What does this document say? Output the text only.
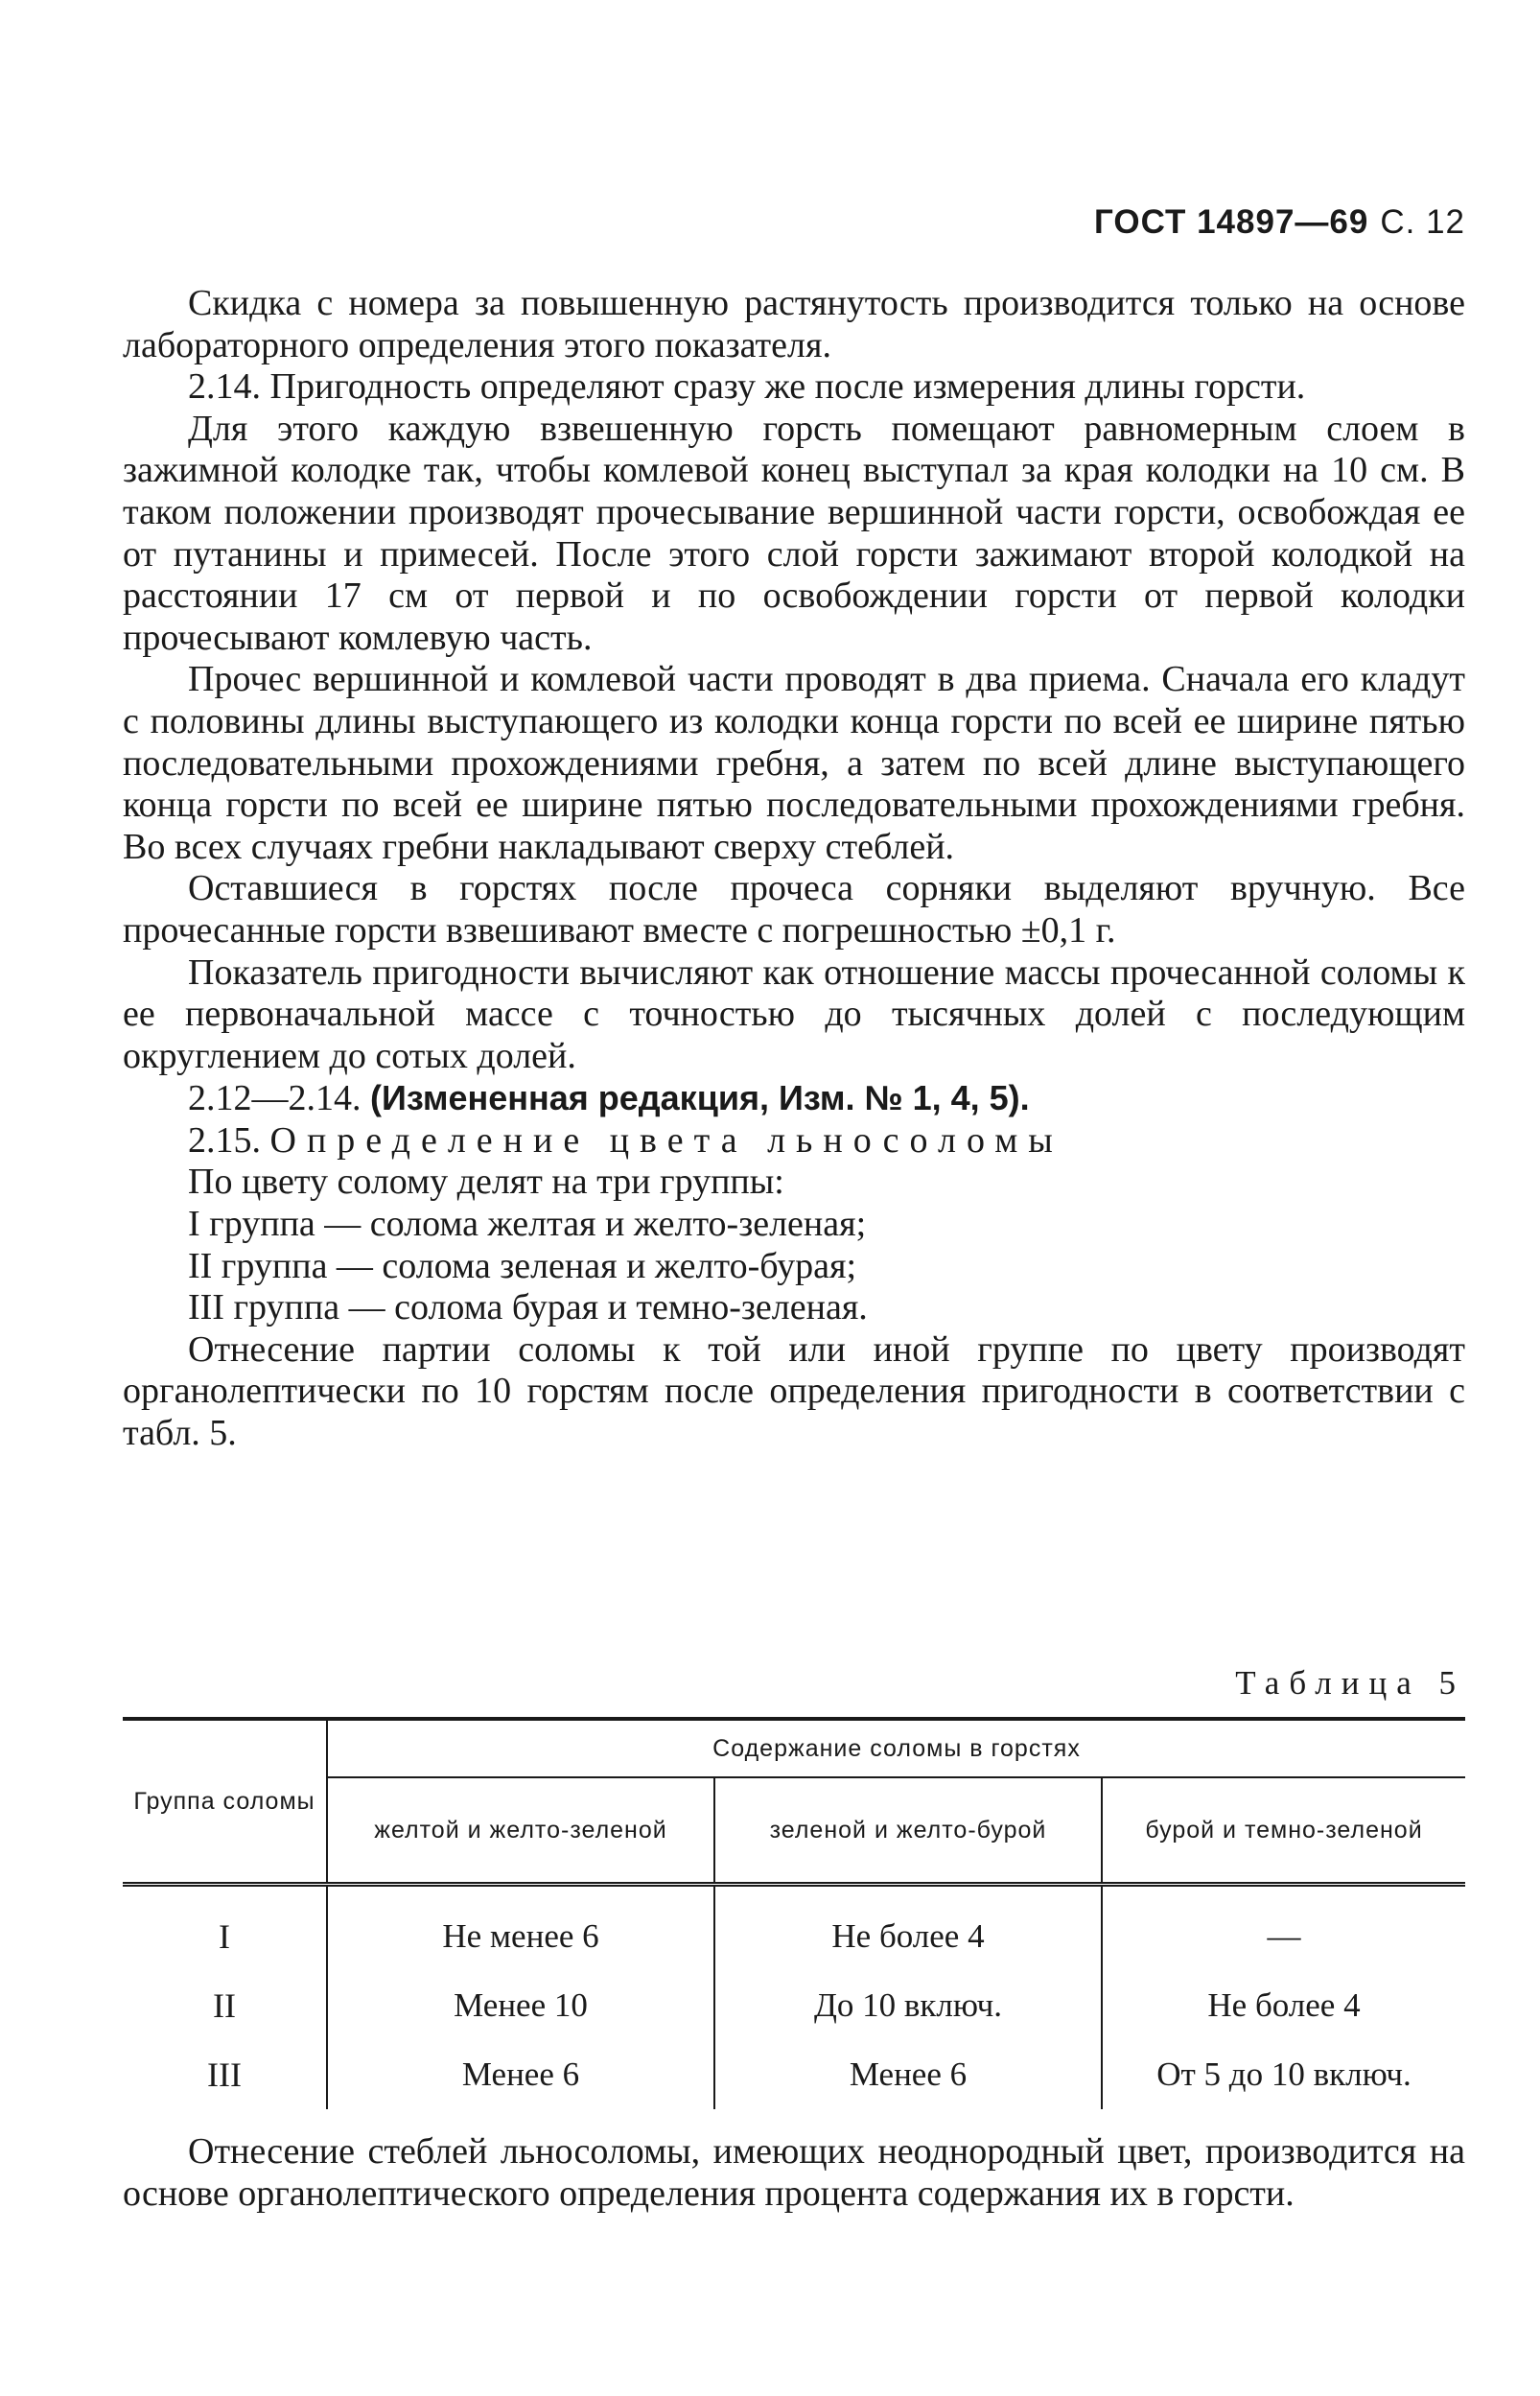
ГОСТ 14897—69 С. 12

Скидка с номера за повышенную растянутость производится только на основе лабораторного определения этого показателя.

2.14. Пригодность определяют сразу же после измерения длины горсти.

Для этого каждую взвешенную горсть помещают равномерным слоем в зажимной колодке так, чтобы комлевой конец выступал за края колодки на 10 см. В таком положении производят прочесывание вершинной части горсти, освобождая ее от путанины и примесей. После этого слой горсти зажимают второй колодкой на расстоянии 17 см от первой и по освобождении горсти от первой колодки прочесывают комлевую часть.

Прочес вершинной и комлевой части проводят в два приема. Сначала его кладут с половины длины выступающего из колодки конца горсти по всей ее ширине пятью последовательными прохождениями гребня, а затем по всей длине выступающего конца горсти по всей ее ширине пятью последовательными прохождениями гребня. Во всех случаях гребни накладывают сверху стеблей.

Оставшиеся в горстях после прочеса сорняки выделяют вручную. Все прочесанные горсти взвешивают вместе с погрешностью ±0,1 г.

Показатель пригодности вычисляют как отношение массы прочесанной соломы к ее первоначальной массе с точностью до тысячных долей с последующим округлением до сотых долей.

2.12—2.14. (Измененная редакция, Изм. № 1, 4, 5).

2.15. Определение цвета льносоломы

По цвету солому делят на три группы:

I группа — солома желтая и желто-зеленая;

II группа — солома зеленая и желто-бурая;

III группа — солома бурая и темно-зеленая.

Отнесение партии соломы к той или иной группе по цвету производят органолептически по 10 горстям после определения пригодности в соответствии с табл. 5.

Таблица 5
Группа соломы	Содержание соломы в горстях		
	желтой и желто-зеленой	зеленой и желто-бурой	бурой и темно-зеленой
I	Не менее 6	Не более 4	—
II	Менее 10	До 10 включ.	Не более 4
III	Менее 6	Менее 6	От 5 до 10 включ.

Отнесение стеблей льносоломы, имеющих неоднородный цвет, производится на основе органолептического определения процента содержания их в горсти.
